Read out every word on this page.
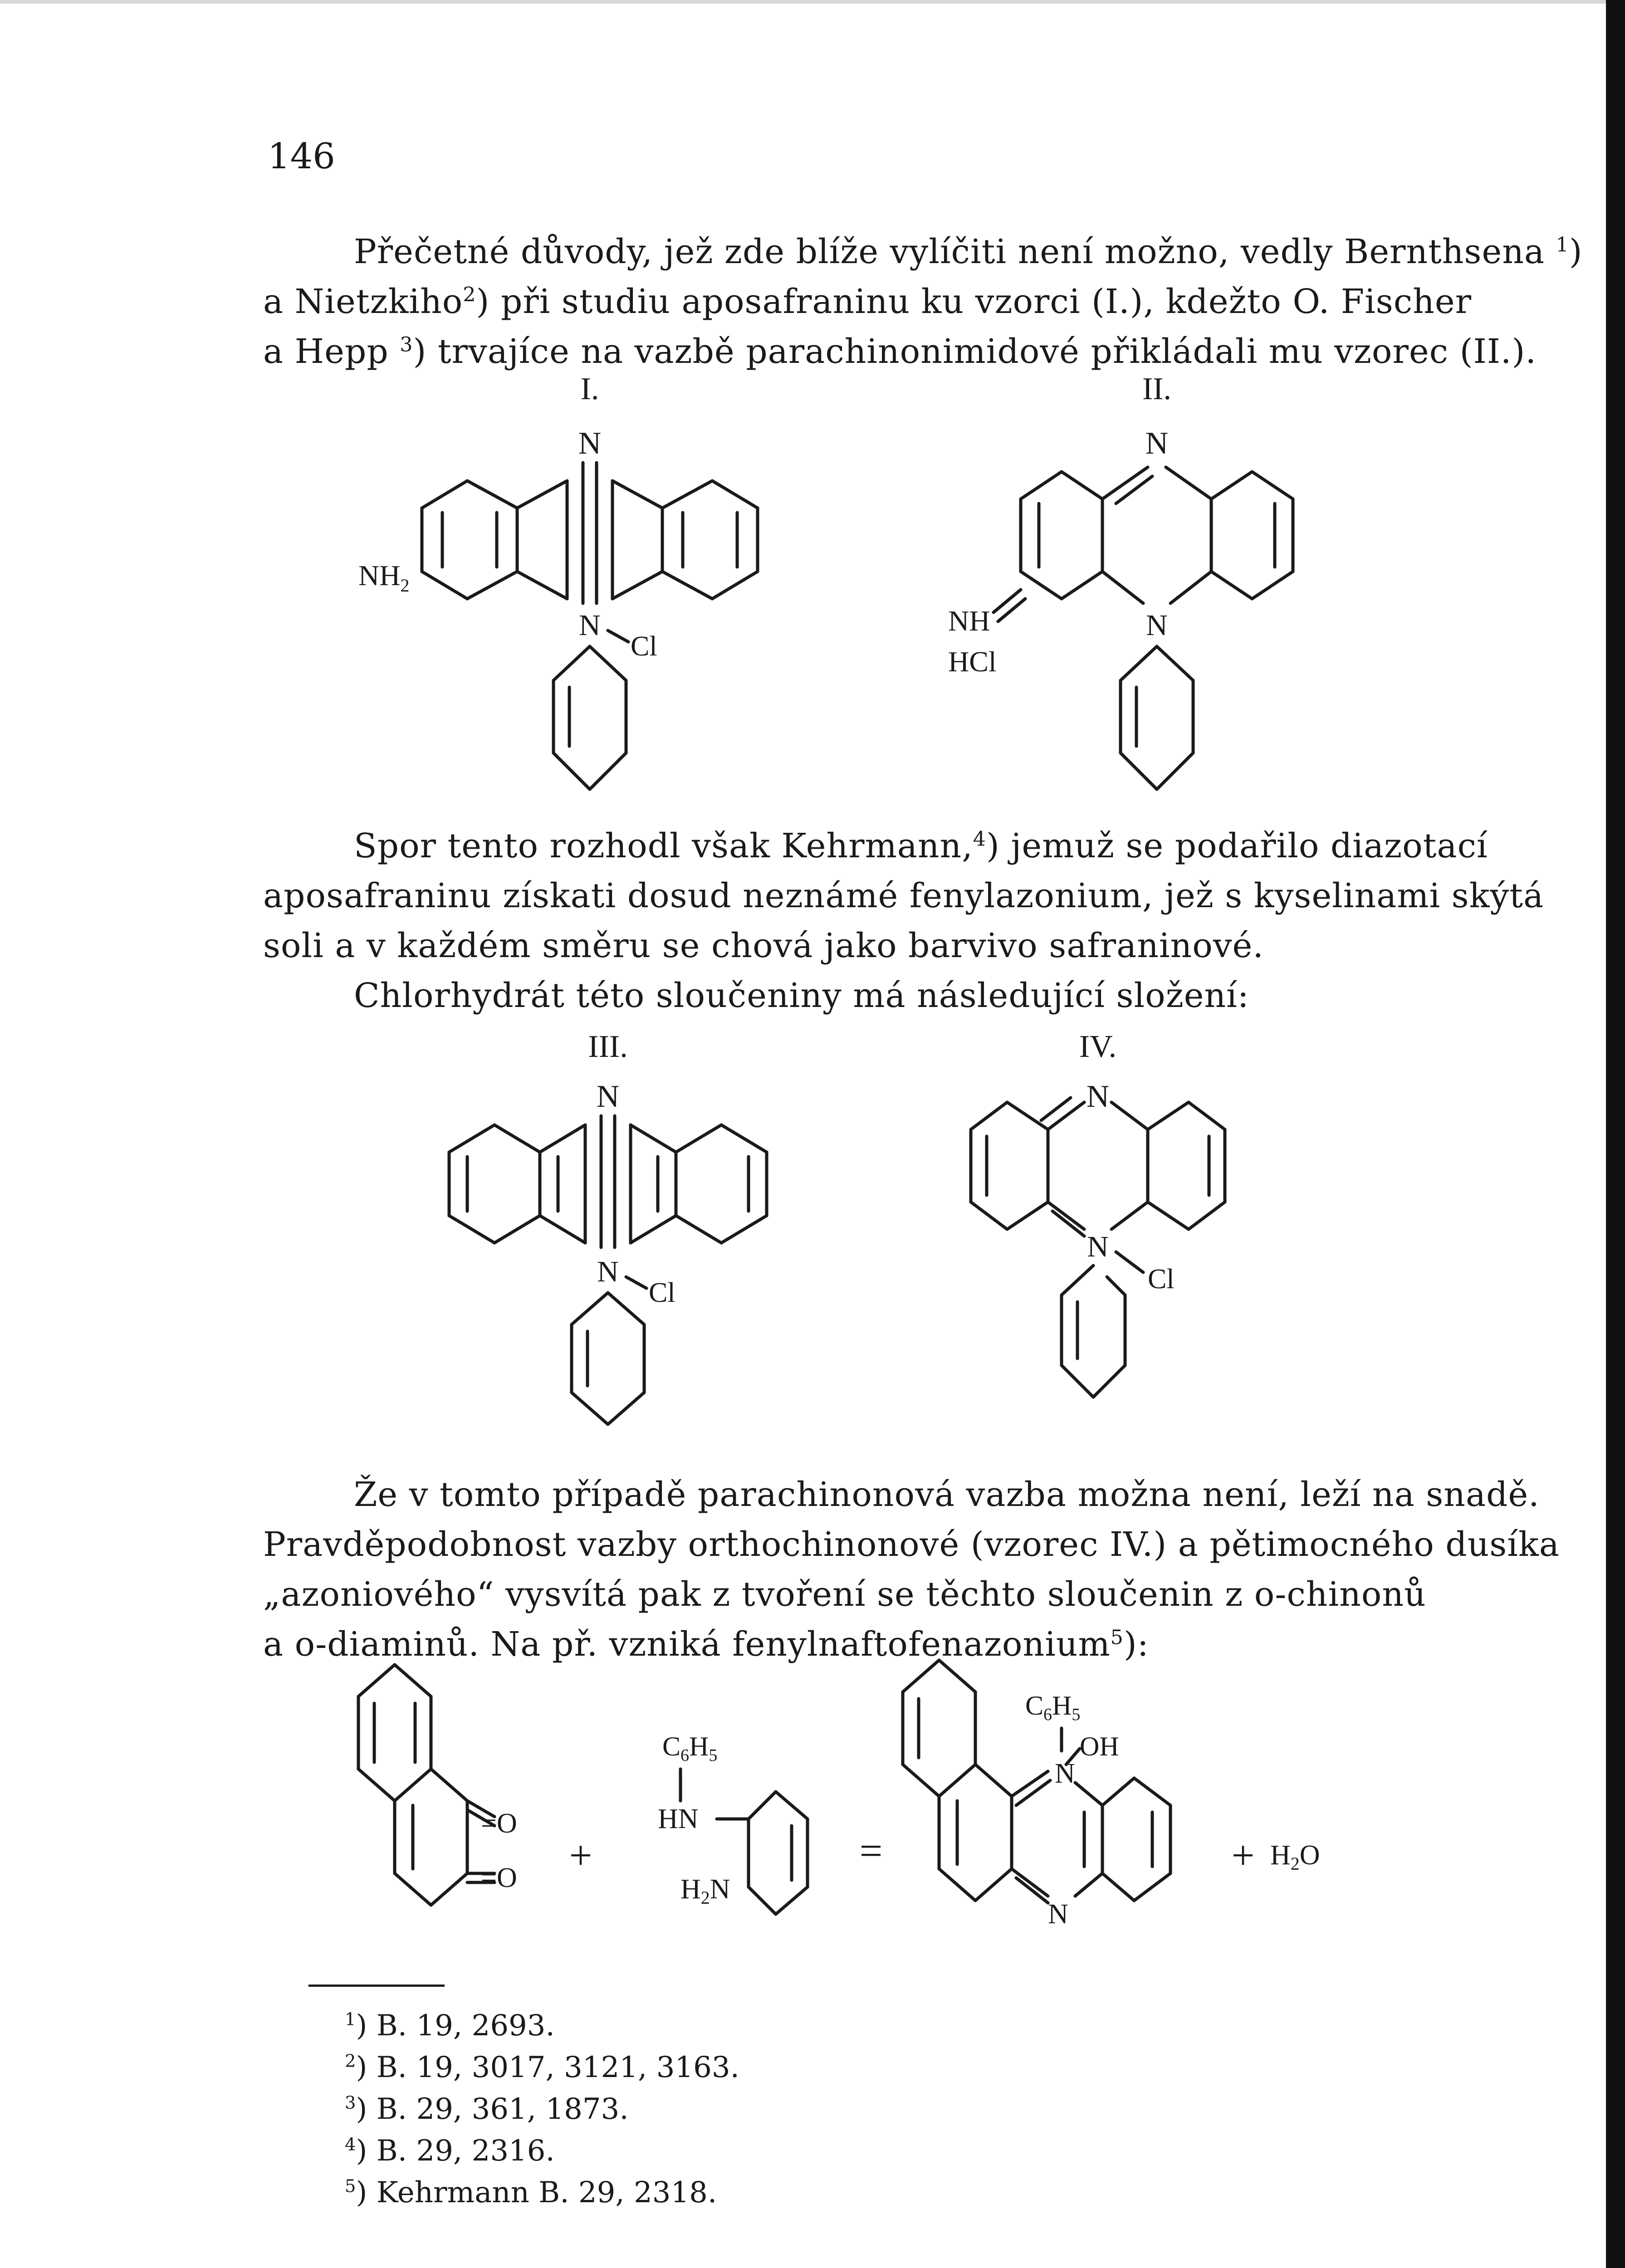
146
Přečetné důvody, jež zde blíže vylíčiti není možno, vedly Bernthsena $^1$)
a Nietzkiho$^2$) při studiu aposafraninu ku vzorci (I.), kdežto O. Fischer
a Hepp $^3$) trvajíce na vazbě parachinonimidové přikládali mu vzorec (II.).
I.
N
$NH_2$
N
Cl
II.
N
NH
HCl
N
Spor tento rozhodl však Kehrmann,$^4$) jemuž se podařilo diazotací
aposafraninu získati dosud neznámé fenylazonium, jež s kyselinami skýtá
soli a v každém směru se chová jako barvivo safraninové.
Chlorhydrát této sloučeniny má následující složení:
III.
N
N
Cl
IV.
N
N
Cl
Že v tomto případě parachinonová vazba možna není, leží na snadě.
Pravděpodobnost vazby orthochinonové (vzorec IV.) a pětimocného dusíka
„azoniového“ vysvítá pak z tvoření se těchto sloučenin z o-chinonů
a o-diaminů. Na př. vzniká fenylnaftofenazonium$^5$):
=O
=O +
$C_6H_5$
HN
H2N
=
$C_6H_5$
OH
N
N
+ H2O
$^1$) B. 19, 2693.
$^2$) B. 19, 3017, 3121, 3163.
$^3$) B. 29, 361, 1873.
$^4$) B. 29, 2316.
$^5$) Kehrmann B. 29, 2318.
